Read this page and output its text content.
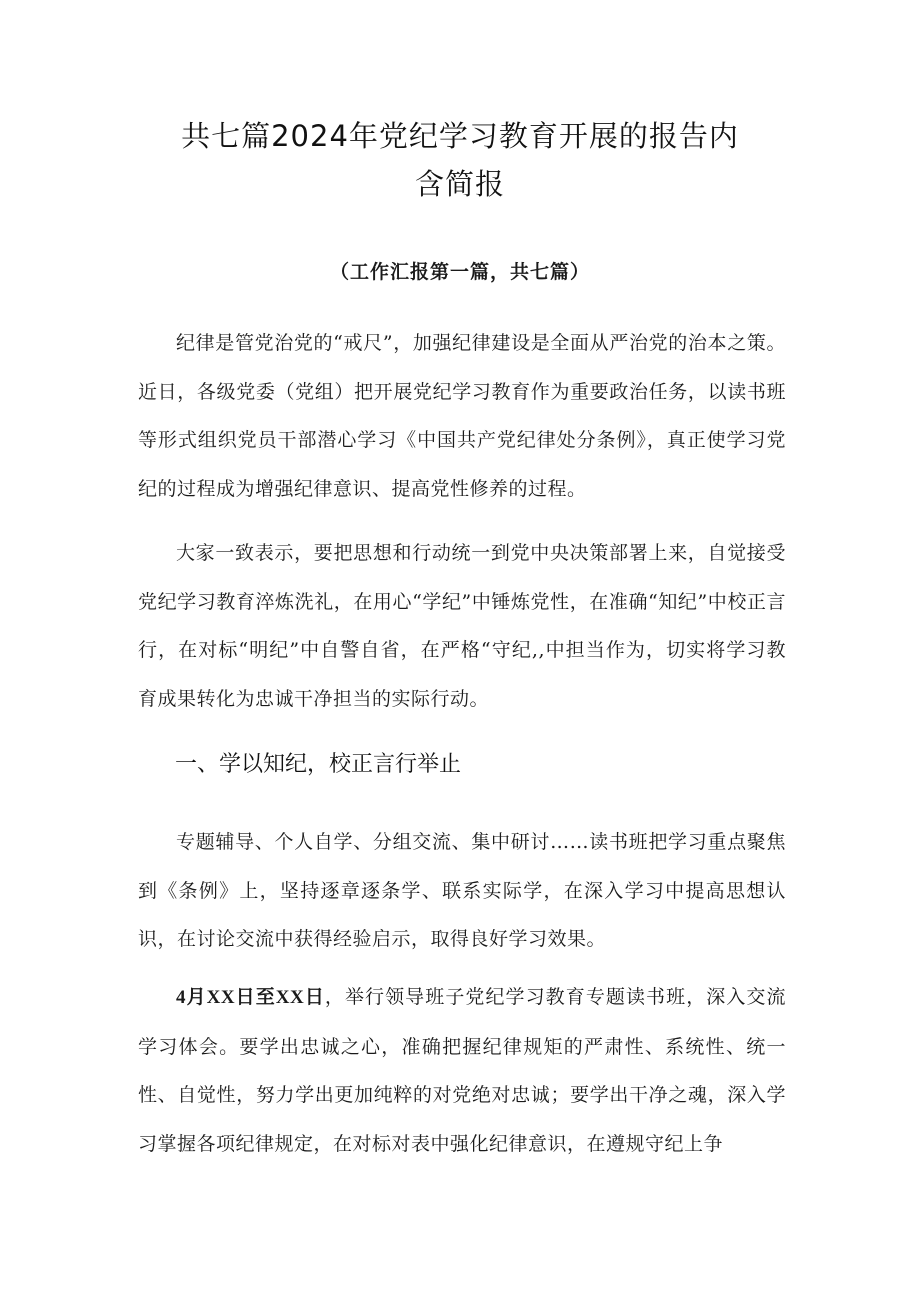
共七篇2024年党纪学习教育开展的报告内
含简报
（工作汇报第一篇，共七篇）

纪律是管党治党的“戒尺”，加强纪律建设是全面从严治党的治本之策。近日，各级党委（党组）把开展党纪学习教育作为重要政治任务，以读书班等形式组织党员干部潜心学习《中国共产党纪律处分条例》，真正使学习党纪的过程成为增强纪律意识、提高党性修养的过程。

大家一致表示，要把思想和行动统一到党中央决策部署上来，自觉接受党纪学习教育淬炼洗礼，在用心“学纪”中锤炼党性，在准确“知纪”中校正言行，在对标“明纪”中自警自省，在严格“守纪,,中担当作为，切实将学习教育成果转化为忠诚干净担当的实际行动。

一、学以知纪，校正言行举止

专题辅导、个人自学、分组交流、集中研讨……读书班把学习重点聚焦到《条例》上，坚持逐章逐条学、联系实际学，在深入学习中提高思想认识，在讨论交流中获得经验启示，取得良好学习效果。

4月XX日至XX日，举行领导班子党纪学习教育专题读书班，深入交流学习体会。要学出忠诚之心，准确把握纪律规矩的严肃性、系统性、统一性、自觉性，努力学出更加纯粹的对党绝对忠诚；要学出干净之魂，深入学习掌握各项纪律规定，在对标对表中强化纪律意识，在遵规守纪上争
